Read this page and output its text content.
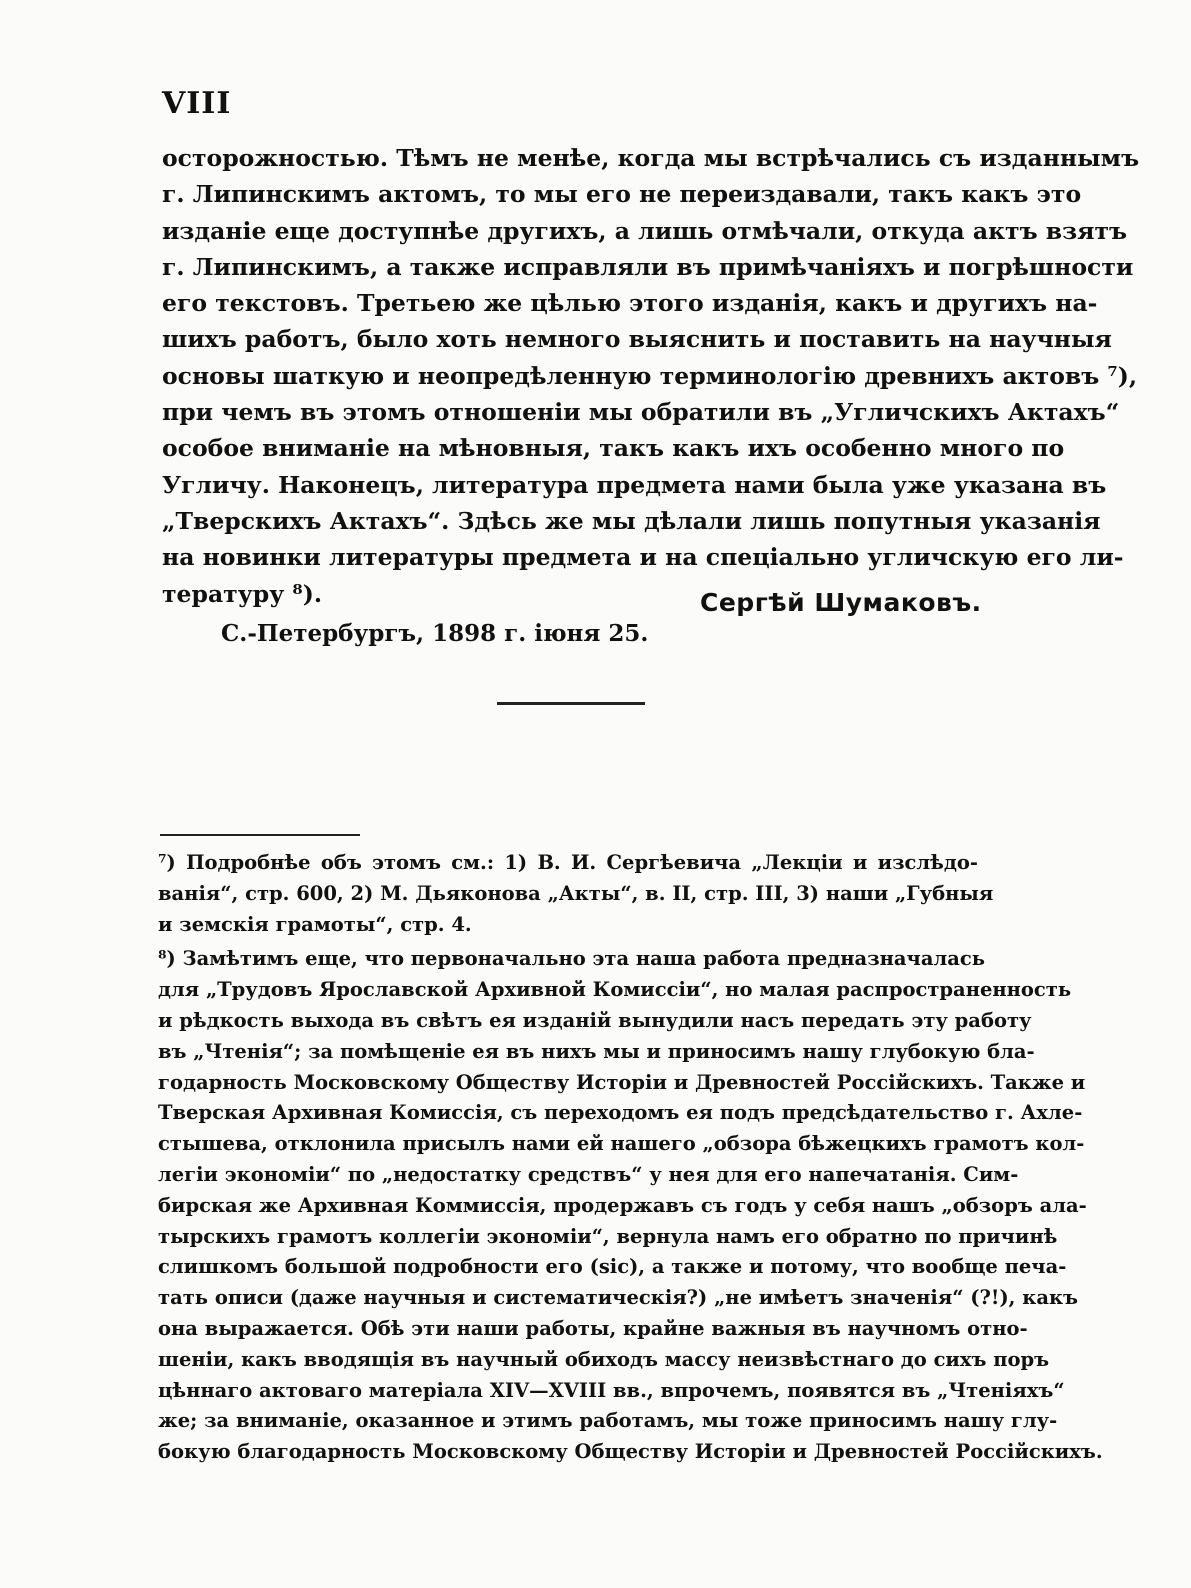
VIII
осторожностью. Тѣмъ не менѣе, когда мы встрѣчались съ изданнымъ
г. Липинскимъ актомъ, то мы его не переиздавали, такъ какъ это
изданіе еще доступнѣе другихъ, а лишь отмѣчали, откуда актъ взятъ
г. Липинскимъ, а также исправляли въ примѣчаніяхъ и погрѣшности
его текстовъ. Третьею же цѣлью этого изданія, какъ и другихъ на-
шихъ работъ, было хоть немного выяснить и поставить на научныя
основы шаткую и неопредѣленную терминологію древнихъ актовъ ⁷),
при чемъ въ этомъ отношеніи мы обратили въ „Угличскихъ Актахъ“
особое вниманіе на мѣновныя, такъ какъ ихъ особенно много по
Угличу. Наконецъ, литература предмета нами была уже указана въ
„Тверскихъ Актахъ“. Здѣсь же мы дѣлали лишь попутныя указанія
на новинки литературы предмета и на спеціально угличскую его ли-
тературу ⁸).	Сергѣй Шумаковъ.
С.-Петербургъ, 1898 г. іюня 25.
⁷) Подробнѣе объ этомъ см.: 1) В. И. Сергѣевича „Лекціи и изслѣдо-
ванія“, стр. 600, 2) М. Дьяконова „Акты“, в. II, стр. III, 3) наши „Губныя
и земскія грамоты“, стр. 4.
⁸) Замѣтимъ еще, что первоначально эта наша работа предназначалась
для „Трудовъ Ярославской Архивной Комиссіи“, но малая распространенность
и рѣдкость выхода въ свѣтъ ея изданій вынудили насъ передать эту работу
въ „Чтенія“; за помѣщеніе ея въ нихъ мы и приносимъ нашу глубокую бла-
годарность Московскому Обществу Исторіи и Древностей Россійскихъ. Также и
Тверская Архивная Комиссія, съ переходомъ ея подъ предсѣдательство г. Ахле-
стышева, отклонила присылъ нами ей нашего „обзора бѣжецкихъ грамотъ кол-
легіи экономіи“ по „недостатку средствъ“ у нея для его напечатанія. Сим-
бирская же Архивная Коммиссія, продержавъ съ годъ у себя нашъ „обзоръ ала-
тырскихъ грамотъ коллегіи экономіи“, вернула намъ его обратно по причинѣ
слишкомъ большой подробности его (sic), а также и потому, что вообще печа-
тать описи (даже научныя и систематическія?) „не имѣетъ значенія“ (?!), какъ
она выражается. Обѣ эти наши работы, крайне важныя въ научномъ отно-
шеніи, какъ вводящія въ научный обиходъ массу неизвѣстнаго до сихъ поръ
цѣннаго актоваго матеріала XIV—XVIII вв., впрочемъ, появятся въ „Чтеніяхъ“
же; за вниманіе, оказанное и этимъ работамъ, мы тоже приносимъ нашу глу-
бокую благодарность Московскому Обществу Исторіи и Древностей Россійскихъ.
